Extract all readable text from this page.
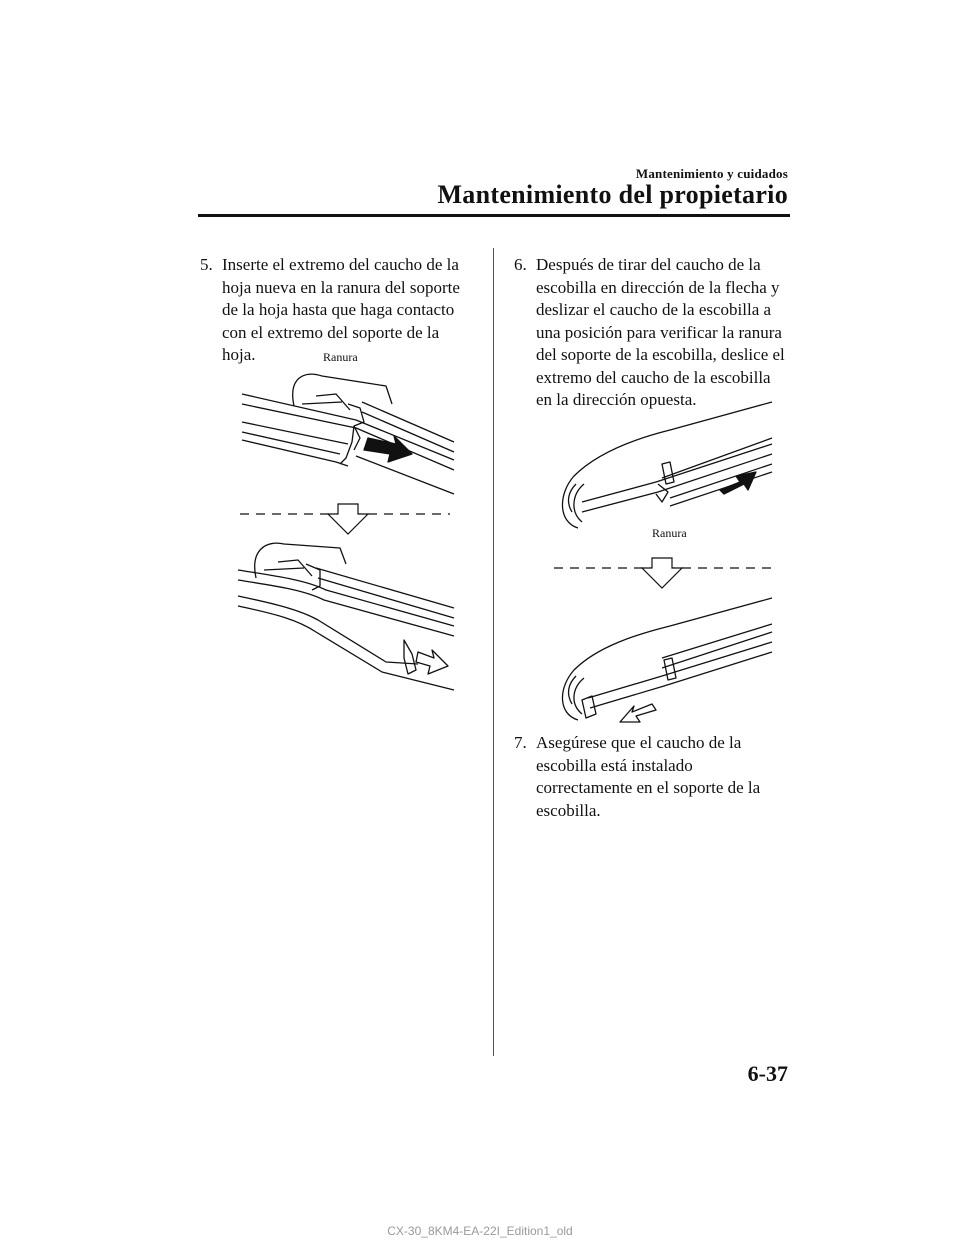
Mantenimiento y cuidados
Mantenimiento del propietario
5. Inserte el extremo del caucho de la hoja nueva en la ranura del soporte de la hoja hasta que haga contacto con el extremo del soporte de la hoja.
6. Después de tirar del caucho de la escobilla en dirección de la flecha y deslizar el caucho de la escobilla a una posición para verificar la ranura del soporte de la escobilla, deslice el extremo del caucho de la escobilla en la dirección opuesta.
7. Asegúrese que el caucho de la escobilla está instalado correctamente en el soporte de la escobilla.
Ranura
Ranura
6-37
CX-30_8KM4-EA-22I_Edition1_old
